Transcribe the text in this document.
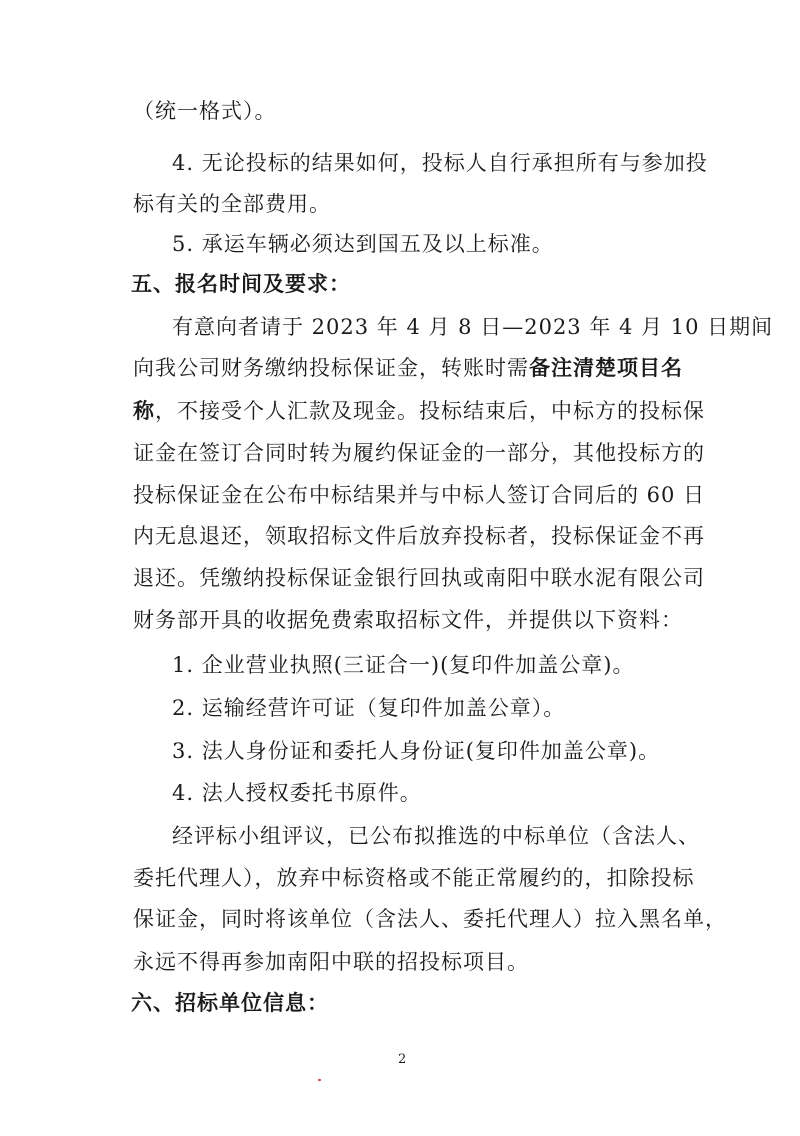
（统一格式）。
4. 无论投标的结果如何，投标人自行承担所有与参加投
标有关的全部费用。
5. 承运车辆必须达到国五及以上标准。
五、报名时间及要求：
有意向者请于 2023 年 4 月 8 日—2023 年 4 月 10 日期间
向我公司财务缴纳投标保证金，转账时需备注清楚项目名
称，不接受个人汇款及现金。投标结束后，中标方的投标保
证金在签订合同时转为履约保证金的一部分，其他投标方的
投标保证金在公布中标结果并与中标人签订合同后的 60 日
内无息退还，领取招标文件后放弃投标者，投标保证金不再
退还。凭缴纳投标保证金银行回执或南阳中联水泥有限公司
财务部开具的收据免费索取招标文件，并提供以下资料：
1. 企业营业执照(三证合一)(复印件加盖公章)。
2. 运输经营许可证（复印件加盖公章）。
3. 法人身份证和委托人身份证(复印件加盖公章)。
4. 法人授权委托书原件。
经评标小组评议，已公布拟推选的中标单位（含法人、
委托代理人），放弃中标资格或不能正常履约的，扣除投标
保证金，同时将该单位（含法人、委托代理人）拉入黑名单，
永远不得再参加南阳中联的招投标项目。
六、招标单位信息：
2
